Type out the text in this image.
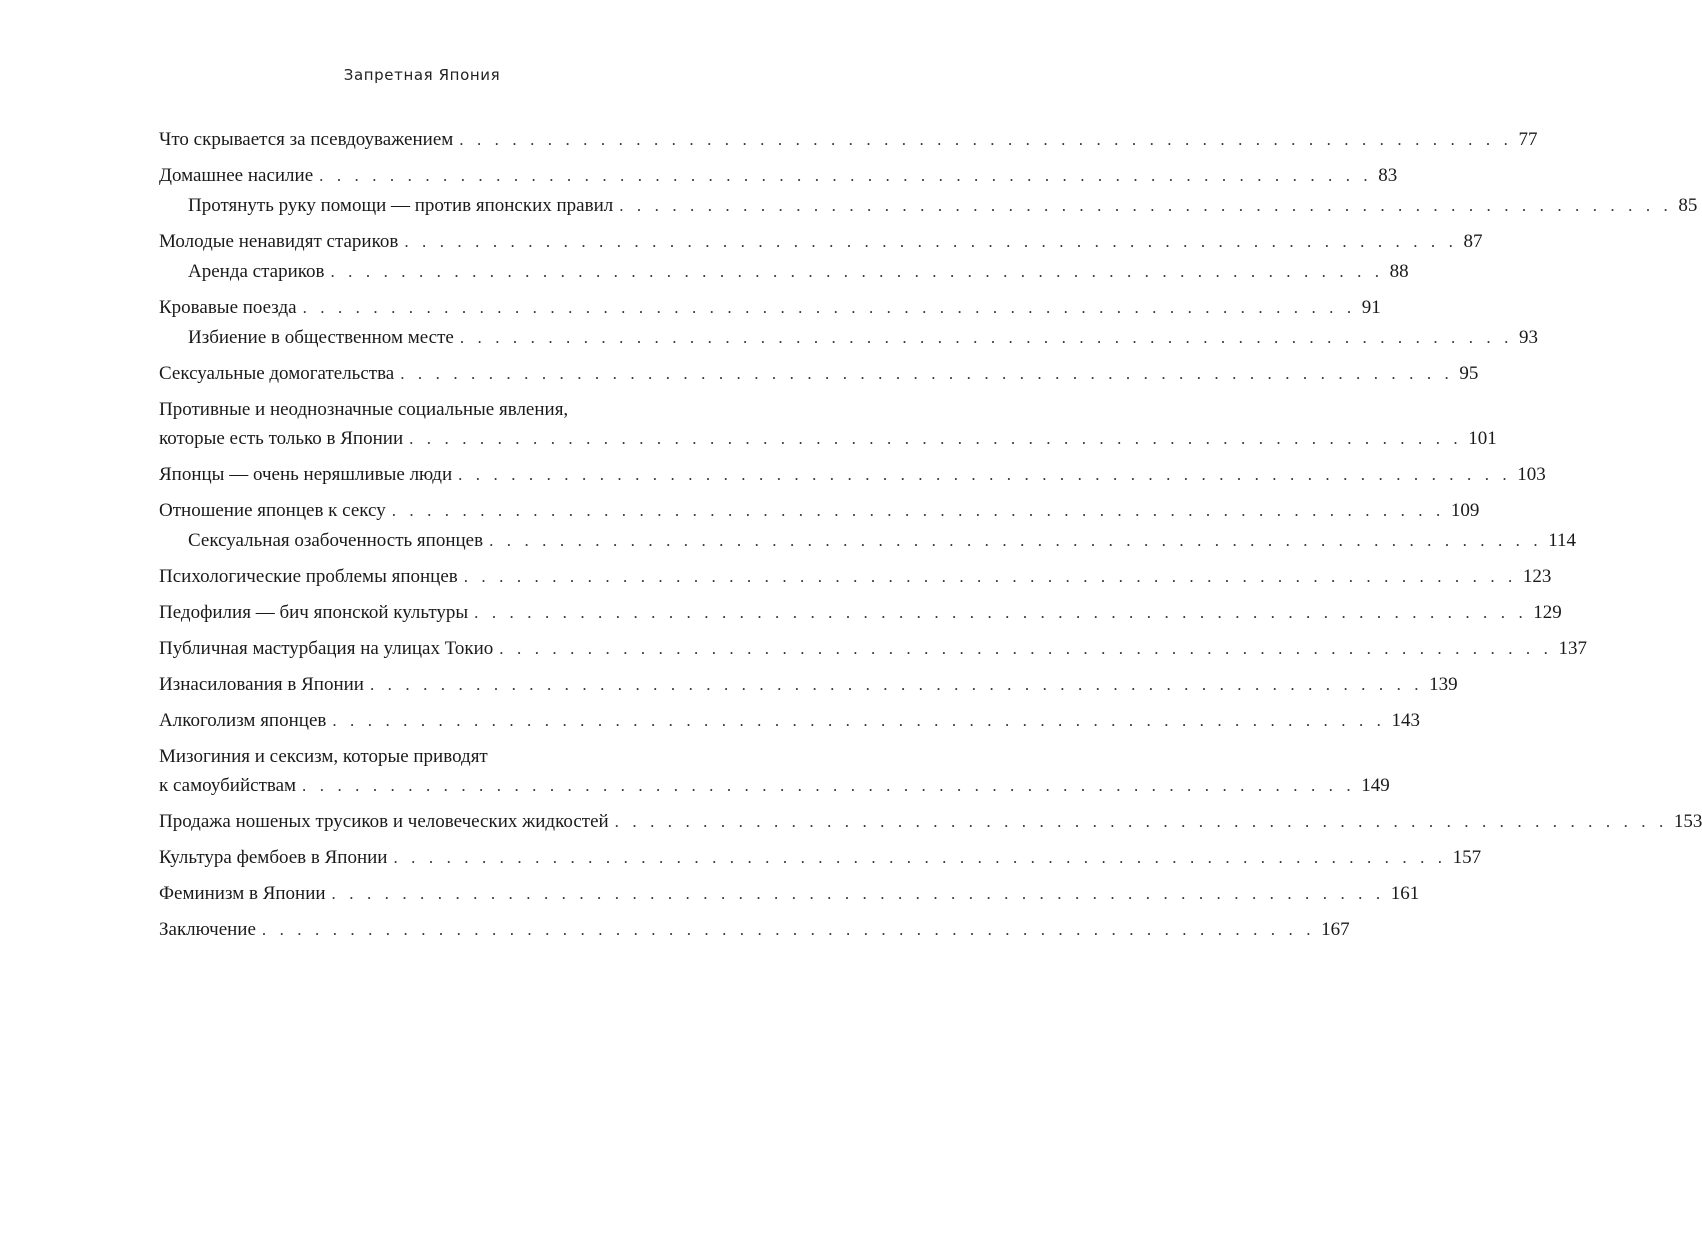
Запретная Япония
Что скрывается за псевдоуважением . . . . . . . . . . . . . . . . . . . . . . . . . . . . . . . . . . . . . . . . . . . . . . . . . . . . . . . . . . . . 77
Домашнее насилие . . . . . . . . . . . . . . . . . . . . . . . . . . . . . . . . . . . . . . . . . . . . . . . . . . . . . . . . . . . . 83
Протянуть руку помощи — против японских правил . . . . . . . . . . . . . . . . . . . . . . . . . . . . . . . . . . . . . . . . . . . . . . . . . . . . . . . . . . . . 85
Молодые ненавидят стариков . . . . . . . . . . . . . . . . . . . . . . . . . . . . . . . . . . . . . . . . . . . . . . . . . . . . . . . . . . . . 87
Аренда стариков . . . . . . . . . . . . . . . . . . . . . . . . . . . . . . . . . . . . . . . . . . . . . . . . . . . . . . . . . . . . 88
Кровавые поезда . . . . . . . . . . . . . . . . . . . . . . . . . . . . . . . . . . . . . . . . . . . . . . . . . . . . . . . . . . . . 91
Избиение в общественном месте . . . . . . . . . . . . . . . . . . . . . . . . . . . . . . . . . . . . . . . . . . . . . . . . . . . . . . . . . . . . 93
Сексуальные домогательства . . . . . . . . . . . . . . . . . . . . . . . . . . . . . . . . . . . . . . . . . . . . . . . . . . . . . . . . . . . . 95
Противные и неоднозначные социальные явления,
которые есть только в Японии . . . . . . . . . . . . . . . . . . . . . . . . . . . . . . . . . . . . . . . . . . . . . . . . . . . . . . . . . . . . 101
Японцы — очень неряшливые люди . . . . . . . . . . . . . . . . . . . . . . . . . . . . . . . . . . . . . . . . . . . . . . . . . . . . . . . . . . . . 103
Отношение японцев к сексу . . . . . . . . . . . . . . . . . . . . . . . . . . . . . . . . . . . . . . . . . . . . . . . . . . . . . . . . . . . . 109
Сексуальная озабоченность японцев . . . . . . . . . . . . . . . . . . . . . . . . . . . . . . . . . . . . . . . . . . . . . . . . . . . . . . . . . . . . 114
Психологические проблемы японцев . . . . . . . . . . . . . . . . . . . . . . . . . . . . . . . . . . . . . . . . . . . . . . . . . . . . . . . . . . . . 123
Педофилия — бич японской культуры . . . . . . . . . . . . . . . . . . . . . . . . . . . . . . . . . . . . . . . . . . . . . . . . . . . . . . . . . . . . 129
Публичная мастурбация на улицах Токио . . . . . . . . . . . . . . . . . . . . . . . . . . . . . . . . . . . . . . . . . . . . . . . . . . . . . . . . . . . . 137
Изнасилования в Японии . . . . . . . . . . . . . . . . . . . . . . . . . . . . . . . . . . . . . . . . . . . . . . . . . . . . . . . . . . . . 139
Алкоголизм японцев . . . . . . . . . . . . . . . . . . . . . . . . . . . . . . . . . . . . . . . . . . . . . . . . . . . . . . . . . . . . 143
Мизогиния и сексизм, которые приводят
к самоубийствам . . . . . . . . . . . . . . . . . . . . . . . . . . . . . . . . . . . . . . . . . . . . . . . . . . . . . . . . . . . . 149
Продажа ношеных трусиков и человеческих жидкостей . . . . . . . . . . . . . . . . . . . . . . . . . . . . . . . . . . . . . . . . . . . . . . . . . . . . . . . . . . . . 153
Культура фембоев в Японии . . . . . . . . . . . . . . . . . . . . . . . . . . . . . . . . . . . . . . . . . . . . . . . . . . . . . . . . . . . . 157
Феминизм в Японии . . . . . . . . . . . . . . . . . . . . . . . . . . . . . . . . . . . . . . . . . . . . . . . . . . . . . . . . . . . . 161
Заключение . . . . . . . . . . . . . . . . . . . . . . . . . . . . . . . . . . . . . . . . . . . . . . . . . . . . . . . . . . . . 167
